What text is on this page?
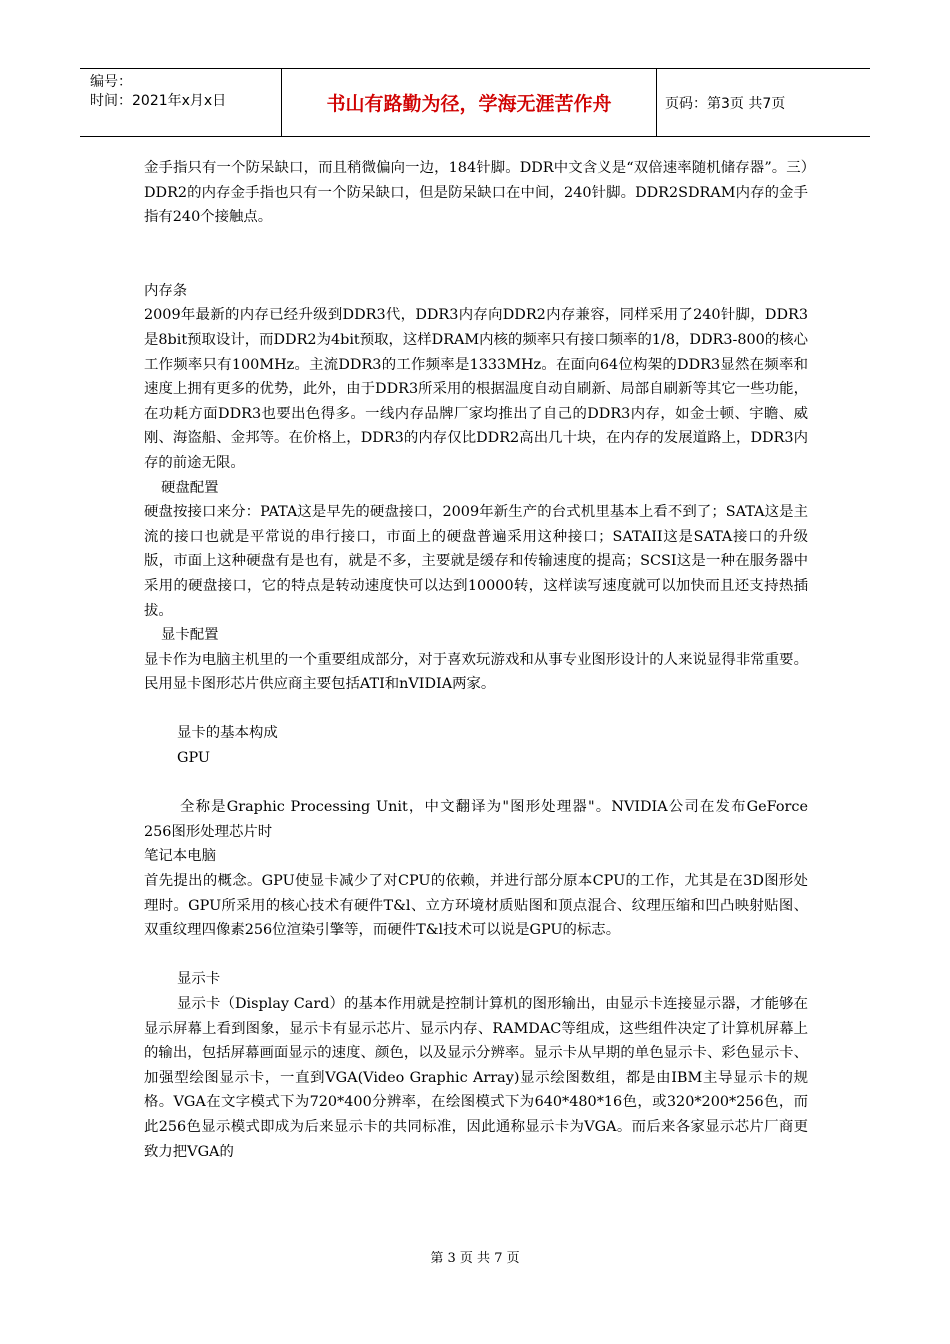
编号：
时间：2021年x月x日	书山有路勤为径，学海无涯苦作舟	页码：第3页 共7页

金手指只有一个防呆缺口，而且稍微偏向一边，184针脚。DDR中文含义是“双倍速率随机储存器”。三）DDR2的内存金手指也只有一个防呆缺口，但是防呆缺口在中间，240针脚。DDR2SDRAM内存的金手指有240个接触点。

内存条

2009年最新的内存已经升级到DDR3代，DDR3内存向DDR2内存兼容，同样采用了240针脚，DDR3是8bit预取设计，而DDR2为4bit预取，这样DRAM内核的频率只有接口频率的1/8，DDR3-800的核心工作频率只有100MHz。主流DDR3的工作频率是1333MHz。在面向64位构架的DDR3显然在频率和速度上拥有更多的优势，此外，由于DDR3所采用的根据温度自动自刷新、局部自刷新等其它一些功能，在功耗方面DDR3也要出色得多。一线内存品牌厂家均推出了自己的DDR3内存，如金士顿、宇瞻、威刚、海盗船、金邦等。在价格上，DDR3的内存仅比DDR2高出几十块，在内存的发展道路上，DDR3内存的前途无限。

硬盘配置

硬盘按接口来分：PATA这是早先的硬盘接口，2009年新生产的台式机里基本上看不到了；SATA这是主流的接口也就是平常说的串行接口，市面上的硬盘普遍采用这种接口；SATAII这是SATA接口的升级版，市面上这种硬盘有是也有，就是不多，主要就是缓存和传输速度的提高；SCSI这是一种在服务器中采用的硬盘接口，它的特点是转动速度快可以达到10000转，这样读写速度就可以加快而且还支持热插拔。

显卡配置

显卡作为电脑主机里的一个重要组成部分，对于喜欢玩游戏和从事专业图形设计的人来说显得非常重要。民用显卡图形芯片供应商主要包括ATI和nVIDIA两家。

显卡的基本构成

GPU

全称是Graphic Processing Unit，中文翻译为"图形处理器"。NVIDIA公司在发布GeForce 256图形处理芯片时

笔记本电脑

首先提出的概念。GPU使显卡减少了对CPU的依赖，并进行部分原本CPU的工作，尤其是在3D图形处理时。GPU所采用的核心技术有硬件T&l、立方环境材质贴图和顶点混合、纹理压缩和凹凸映射贴图、双重纹理四像素256位渲染引擎等，而硬件T&l技术可以说是GPU的标志。

显示卡

显示卡（Display Card）的基本作用就是控制计算机的图形输出，由显示卡连接显示器，才能够在显示屏幕上看到图象，显示卡有显示芯片、显示内存、RAMDAC等组成，这些组件决定了计算机屏幕上的输出，包括屏幕画面显示的速度、颜色，以及显示分辨率。显示卡从早期的单色显示卡、彩色显示卡、加强型绘图显示卡，一直到VGA(Video Graphic Array)显示绘图数组，都是由IBM主导显示卡的规格。VGA在文字模式下为720*400分辨率，在绘图模式下为640*480*16色，或320*200*256色，而此256色显示模式即成为后来显示卡的共同标准，因此通称显示卡为VGA。而后来各家显示芯片厂商更致力把VGA的

第 3 页 共 7 页
